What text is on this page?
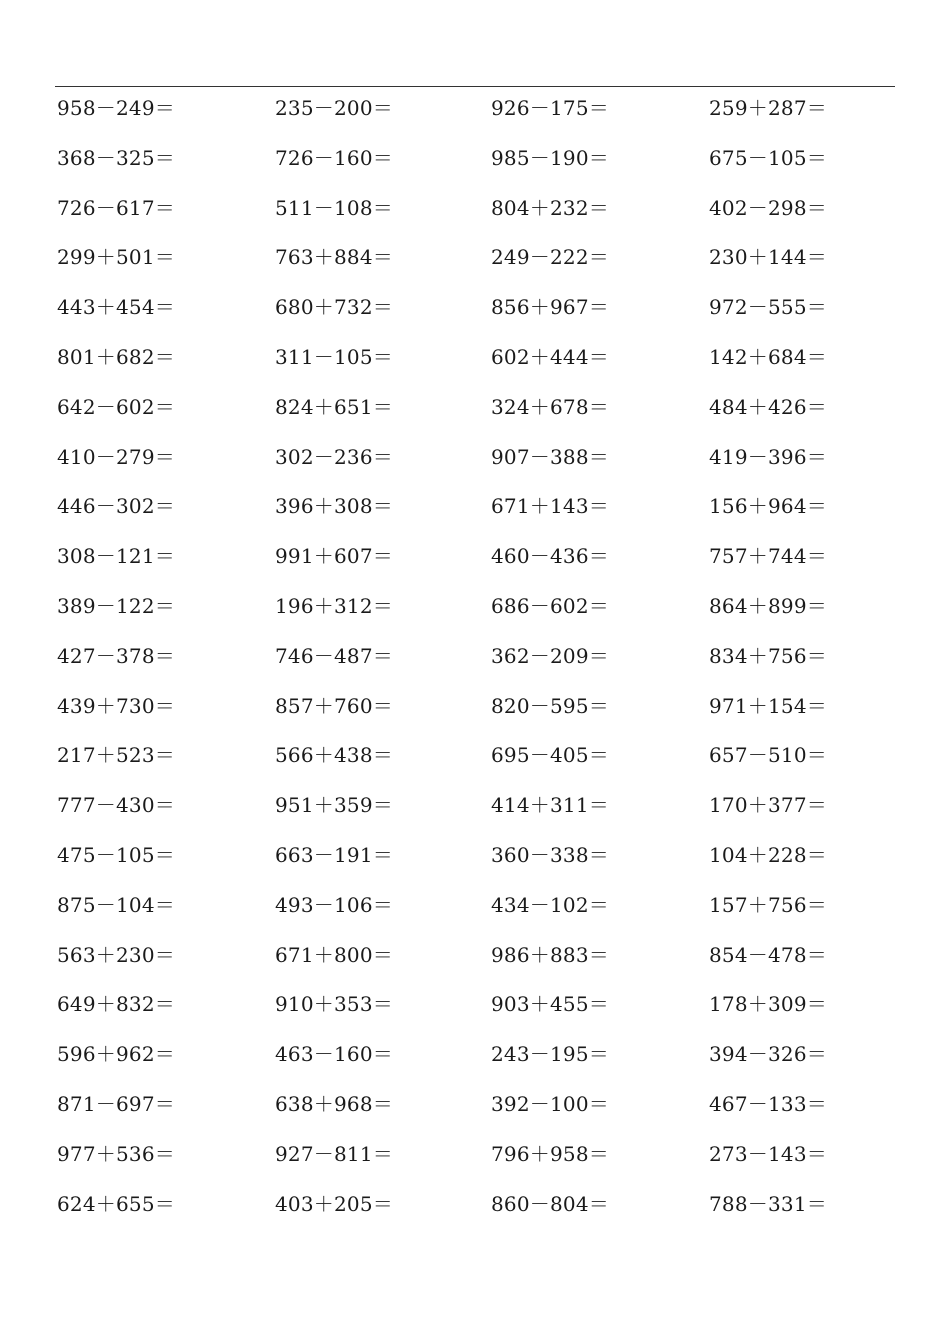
958－249＝	235－200＝	926－175＝	259＋287＝
368－325＝	726－160＝	985－190＝	675－105＝
726－617＝	511－108＝	804＋232＝	402－298＝
299＋501＝	763＋884＝	249－222＝	230＋144＝
443＋454＝	680＋732＝	856＋967＝	972－555＝
801＋682＝	311－105＝	602＋444＝	142＋684＝
642－602＝	824＋651＝	324＋678＝	484＋426＝
410－279＝	302－236＝	907－388＝	419－396＝
446－302＝	396＋308＝	671＋143＝	156＋964＝
308－121＝	991＋607＝	460－436＝	757＋744＝
389－122＝	196＋312＝	686－602＝	864＋899＝
427－378＝	746－487＝	362－209＝	834＋756＝
439＋730＝	857＋760＝	820－595＝	971＋154＝
217＋523＝	566＋438＝	695－405＝	657－510＝
777－430＝	951＋359＝	414＋311＝	170＋377＝
475－105＝	663－191＝	360－338＝	104＋228＝
875－104＝	493－106＝	434－102＝	157＋756＝
563＋230＝	671＋800＝	986＋883＝	854－478＝
649＋832＝	910＋353＝	903＋455＝	178＋309＝
596＋962＝	463－160＝	243－195＝	394－326＝
871－697＝	638＋968＝	392－100＝	467－133＝
977＋536＝	927－811＝	796＋958＝	273－143＝
624＋655＝	403＋205＝	860－804＝	788－331＝
